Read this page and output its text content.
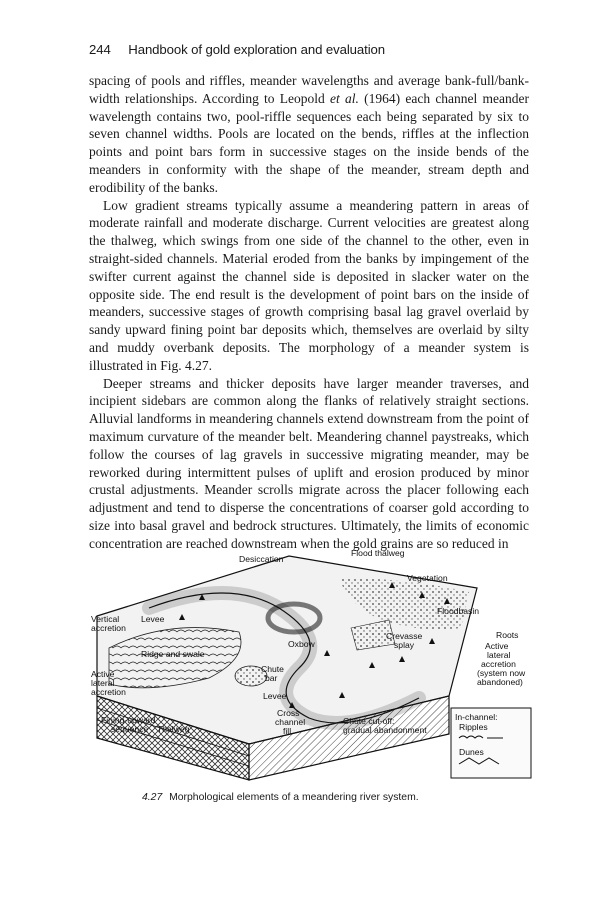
244 Handbook of gold exploration and evaluation

spacing of pools and riffles, meander wavelengths and average bank-full/bank-width relationships. According to Leopold et al. (1964) each channel meander wavelength contains two, pool-riffle sequences each being separated by six to seven channel widths. Pools are located on the bends, riffles at the inflection points and point bars form in successive stages on the inside bends of the meanders in conformity with the shape of the meander, stream depth and erodibility of the banks.

Low gradient streams typically assume a meandering pattern in areas of moderate rainfall and moderate discharge. Current velocities are greatest along the thalweg, which swings from one side of the channel to the other, even in straight-sided channels. Material eroded from the banks by impingement of the swifter current against the channel side is deposited in slacker water on the opposite side. The end result is the development of point bars on the inside of meanders, successive stages of growth comprising basal lag gravel overlaid by sandy upward fining point bar deposits which, themselves are overlaid by silty and muddy overbank deposits. The morphology of a meander system is illustrated in Fig. 4.27.

Deeper streams and thicker deposits have larger meander traverses, and incipient sidebars are common along the flanks of relatively straight sections. Alluvial landforms in meandering channels extend downstream from the point of maximum curvature of the meander belt. Meandering channel paystreaks, which follow the courses of lag gravels in successive migrating meander, may be reworked during intermittent pulses of uplift and erosion produced by minor crustal adjustments. Meander scrolls migrate across the placer following each adjustment and tend to disperse the concentrations of coarser gold according to size into basal gravel and bedrock structures. Ultimately, the limits of economic concentration are reached downstream when the gold grains are so reduced in

Desiccation
Flood thalweg
Vegetation
Vertical accretion
Levee
Floodbasin
Oxbow
Crevasse splay
Roots
Ridge and swale
Chute bar
Active lateral accretion (system now abandoned)
Active lateral accretion	Levee
Fining-upward sequence	Thalweg
Cross channel fill
Chute cut-off: gradual abandonment
In-channel:
Ripples
Dunes
4.27 Morphological elements of a meandering river system.
